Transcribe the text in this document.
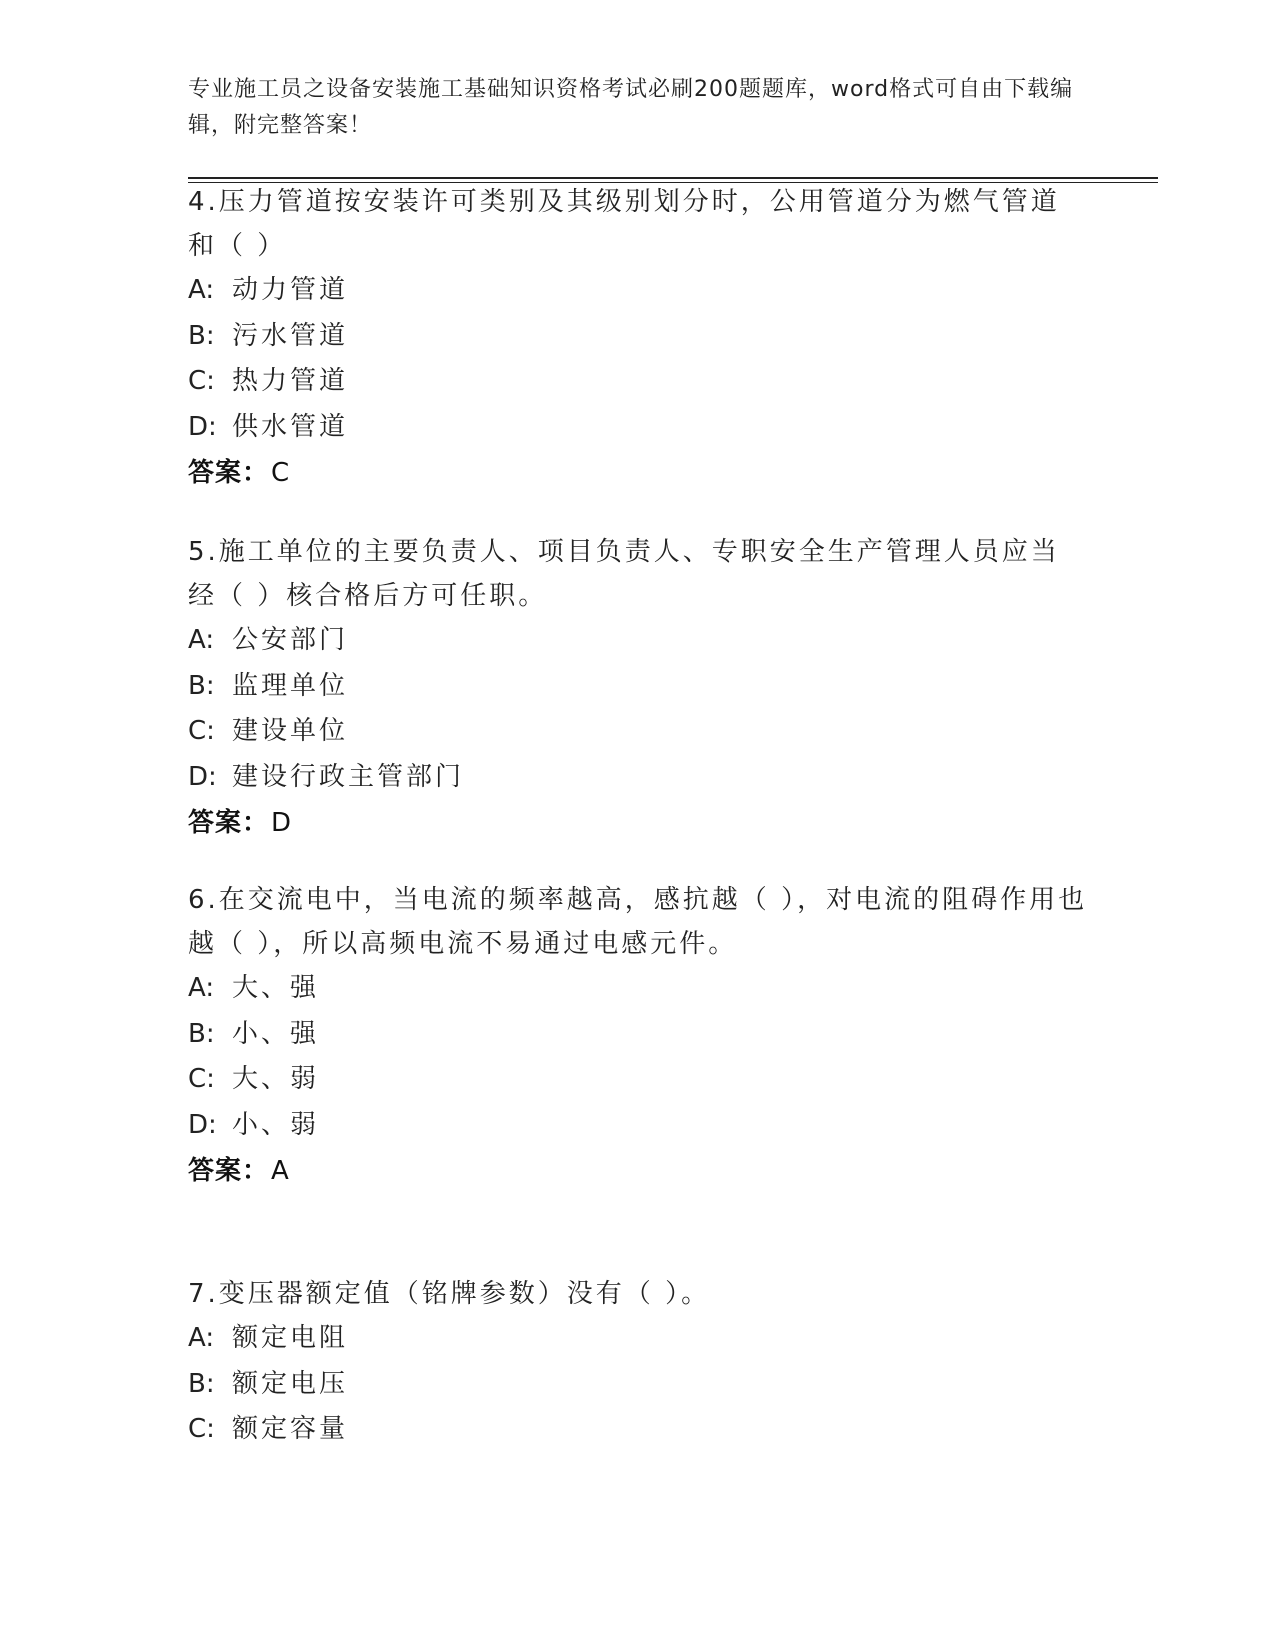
专业施工员之设备安装施工基础知识资格考试必刷200题题库，word格式可自由下载编辑，附完整答案！
4.压力管道按安装许可类别及其级别划分时，公用管道分为燃气管道和（ ）
A: 动力管道
B: 污水管道
C: 热力管道
D: 供水管道
答案：C
5.施工单位的主要负责人、项目负责人、专职安全生产管理人员应当经（ ）核合格后方可任职。
A: 公安部门
B: 监理单位
C: 建设单位
D: 建设行政主管部门
答案：D
6.在交流电中，当电流的频率越高，感抗越（ ），对电流的阻碍作用也越（ ），所以高频电流不易通过电感元件。
A: 大、强
B: 小、强
C: 大、弱
D: 小、弱
答案：A
7.变压器额定值（铭牌参数）没有（ ）。
A: 额定电阻
B: 额定电压
C: 额定容量
